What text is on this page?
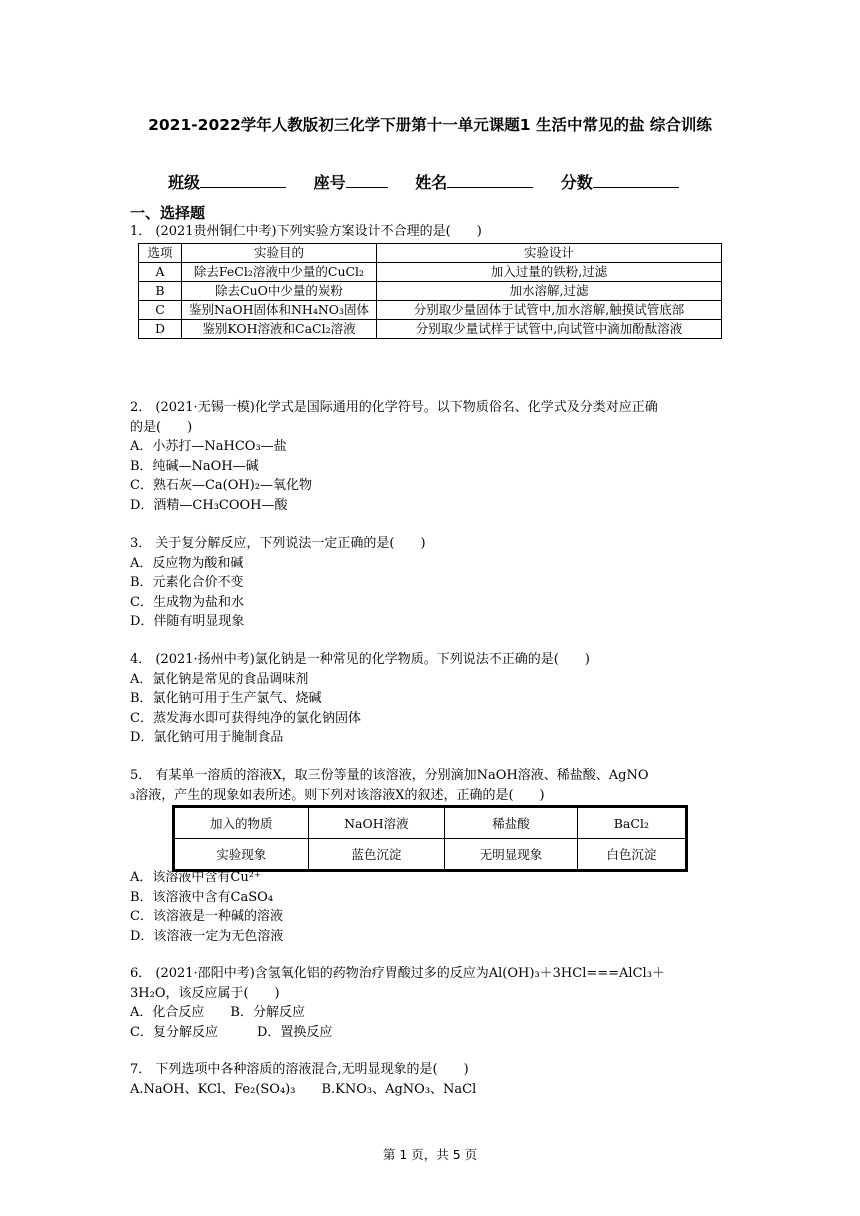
2021-2022学年人教版初三化学下册第十一单元课题1 生活中常见的盐 综合训练
班级	座号	姓名	分数
一、选择题

1． (2021贵州铜仁中考)下列实验方案设计不合理的是(　　)

选项	实验目的	实验设计
A	除去FeCl₂溶液中少量的CuCl₂	加入过量的铁粉,过滤
B	除去CuO中少量的炭粉	加水溶解,过滤
C	鉴别NaOH固体和NH₄NO₃固体	分别取少量固体于试管中,加水溶解,触摸试管底部
D	鉴别KOH溶液和CaCl₂溶液	分别取少量试样于试管中,向试管中滴加酚酞溶液

2． (2021·无锡一模)化学式是国际通用的化学符号。以下物质俗名、化学式及分类对应正确

的是(　　)

A．小苏打—NaHCO₃—盐

B．纯碱—NaOH—碱

C．熟石灰—Ca(OH)₂—氧化物

D．酒精—CH₃COOH—酸

3． 关于复分解反应，下列说法一定正确的是(　　)

A．反应物为酸和碱

B．元素化合价不变

C．生成物为盐和水

D．伴随有明显现象

4． (2021·扬州中考)氯化钠是一种常见的化学物质。下列说法不正确的是(　　)

A．氯化钠是常见的食品调味剂

B．氯化钠可用于生产氯气、烧碱

C．蒸发海水即可获得纯净的氯化钠固体

D．氯化钠可用于腌制食品

5． 有某单一溶质的溶液X，取三份等量的该溶液，分别滴加NaOH溶液、稀盐酸、AgNO

₃溶液，产生的现象如表所述。则下列对该溶液X的叙述，正确的是(　　)

加入的物质	NaOH溶液	稀盐酸	BaCl₂
实验现象	蓝色沉淀	无明显现象	白色沉淀

A．该溶液中含有Cu²⁺

B．该溶液中含有CaSO₄

C．该溶液是一种碱的溶液

D．该溶液一定为无色溶液

6． (2021·邵阳中考)含氢氧化铝的药物治疗胃酸过多的反应为Al(OH)₃＋3HCl===AlCl₃＋

3H₂O，该反应属于(　　)

A．化合反应　　B．分解反应

C．复分解反应　　　D．置换反应

7． 下列选项中各种溶质的溶液混合,无明显现象的是(　　)

A.NaOH、KCl、Fe₂(SO₄)₃　　B.KNO₃、AgNO₃、NaCl

第 1 页，共 5 页
